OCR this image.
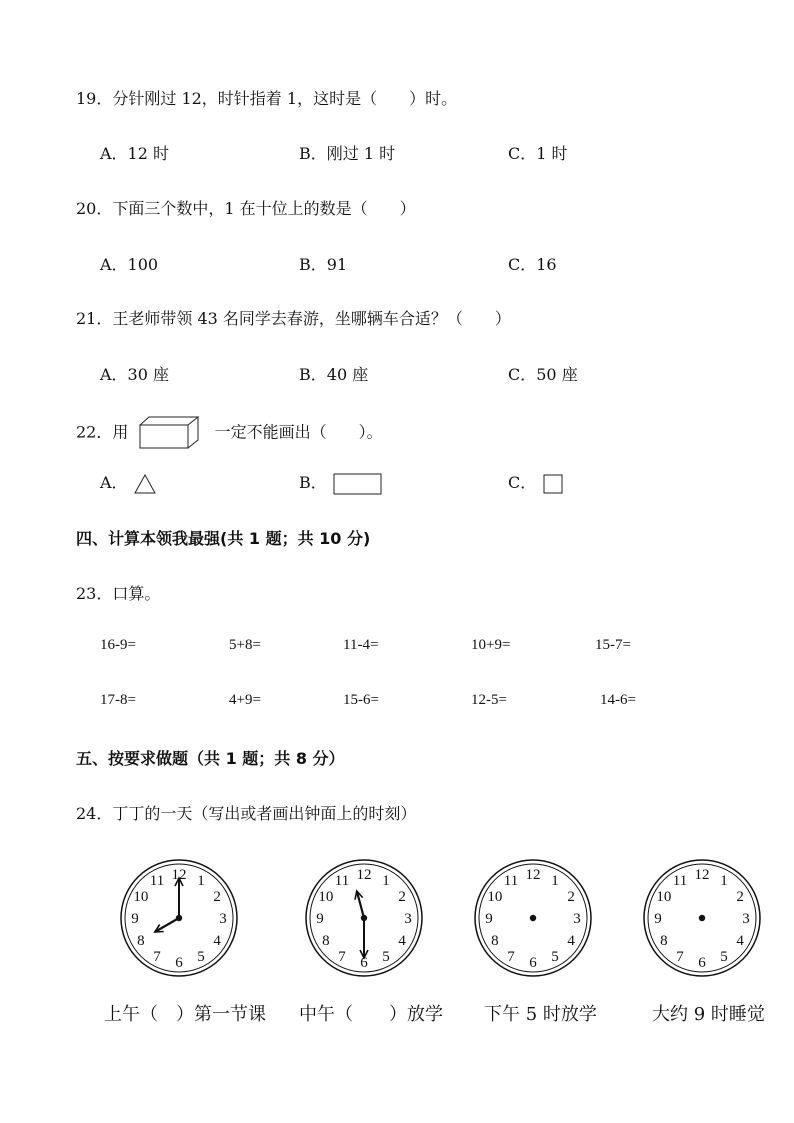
19．分针刚过 12，时针指着 1，这时是（　　）时。
A．12 时	B．刚过 1 时	C．1 时
20．下面三个数中，1 在十位上的数是（　　）
A．100	B．91	C．16
21．王老师带领 43 名同学去春游，坐哪辆车合适？（　　）
A．30 座	B．40 座	C．50 座
22．用	一定不能画出（　　）。
A．	B．	C．
四、计算本领我最强(共 1 题；共 10 分)
23．口算。
16-9=	5+8=	11-4=	10+9=	15-7=
17-8=	4+9=	15-6=	12-5=	14-6=
五、按要求做题（共 1 题；共 8 分）
24．丁丁的一天（写出或者画出钟面上的时刻）
12 1
2
3
4
5
6
7
8
9
10
11	12 1
2
3
4
5
6
7
8
9
10
11	12 1
2
3
4
5
6
7
8
9
10
11	12 1
2
3
4
5
6
7
8
9
10
11
上午（　）第一节课 中午（　　）放学 下午 5 时放学	大约 9 时睡觉
